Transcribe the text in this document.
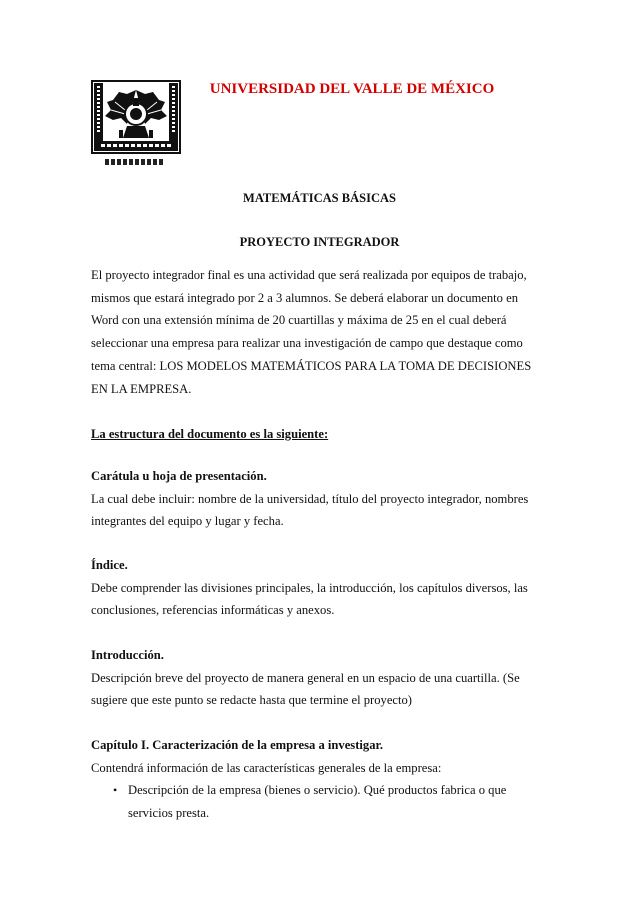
UNIVERSIDAD DEL VALLE DE MÉXICO
MATEMÁTICAS BÁSICAS
PROYECTO INTEGRADOR
El proyecto integrador final es una actividad que será realizada por equipos de trabajo,
mismos que estará integrado por 2 a 3 alumnos. Se deberá elaborar un documento en
Word con una extensión mínima de 20 cuartillas y máxima de 25 en el cual deberá
seleccionar una empresa para realizar una investigación de campo que destaque como
tema central: LOS MODELOS MATEMÁTICOS PARA LA TOMA DE DECISIONES
EN LA EMPRESA.
La estructura del documento es la siguiente:
Carátula u hoja de presentación.
La cual debe incluir: nombre de la universidad, título del proyecto integrador, nombres
integrantes del equipo y lugar y fecha.
Índice.
Debe comprender las divisiones principales, la introducción, los capítulos diversos, las
conclusiones, referencias informáticas y anexos.
Introducción.
Descripción breve del proyecto de manera general en un espacio de una cuartilla. (Se
sugiere que este punto se redacte hasta que termine el proyecto)
Capítulo I. Caracterización de la empresa a investigar.
Contendrá información de las características generales de la empresa:
• Descripción de la empresa (bienes o servicio). Qué productos fabrica o que
servicios presta.
